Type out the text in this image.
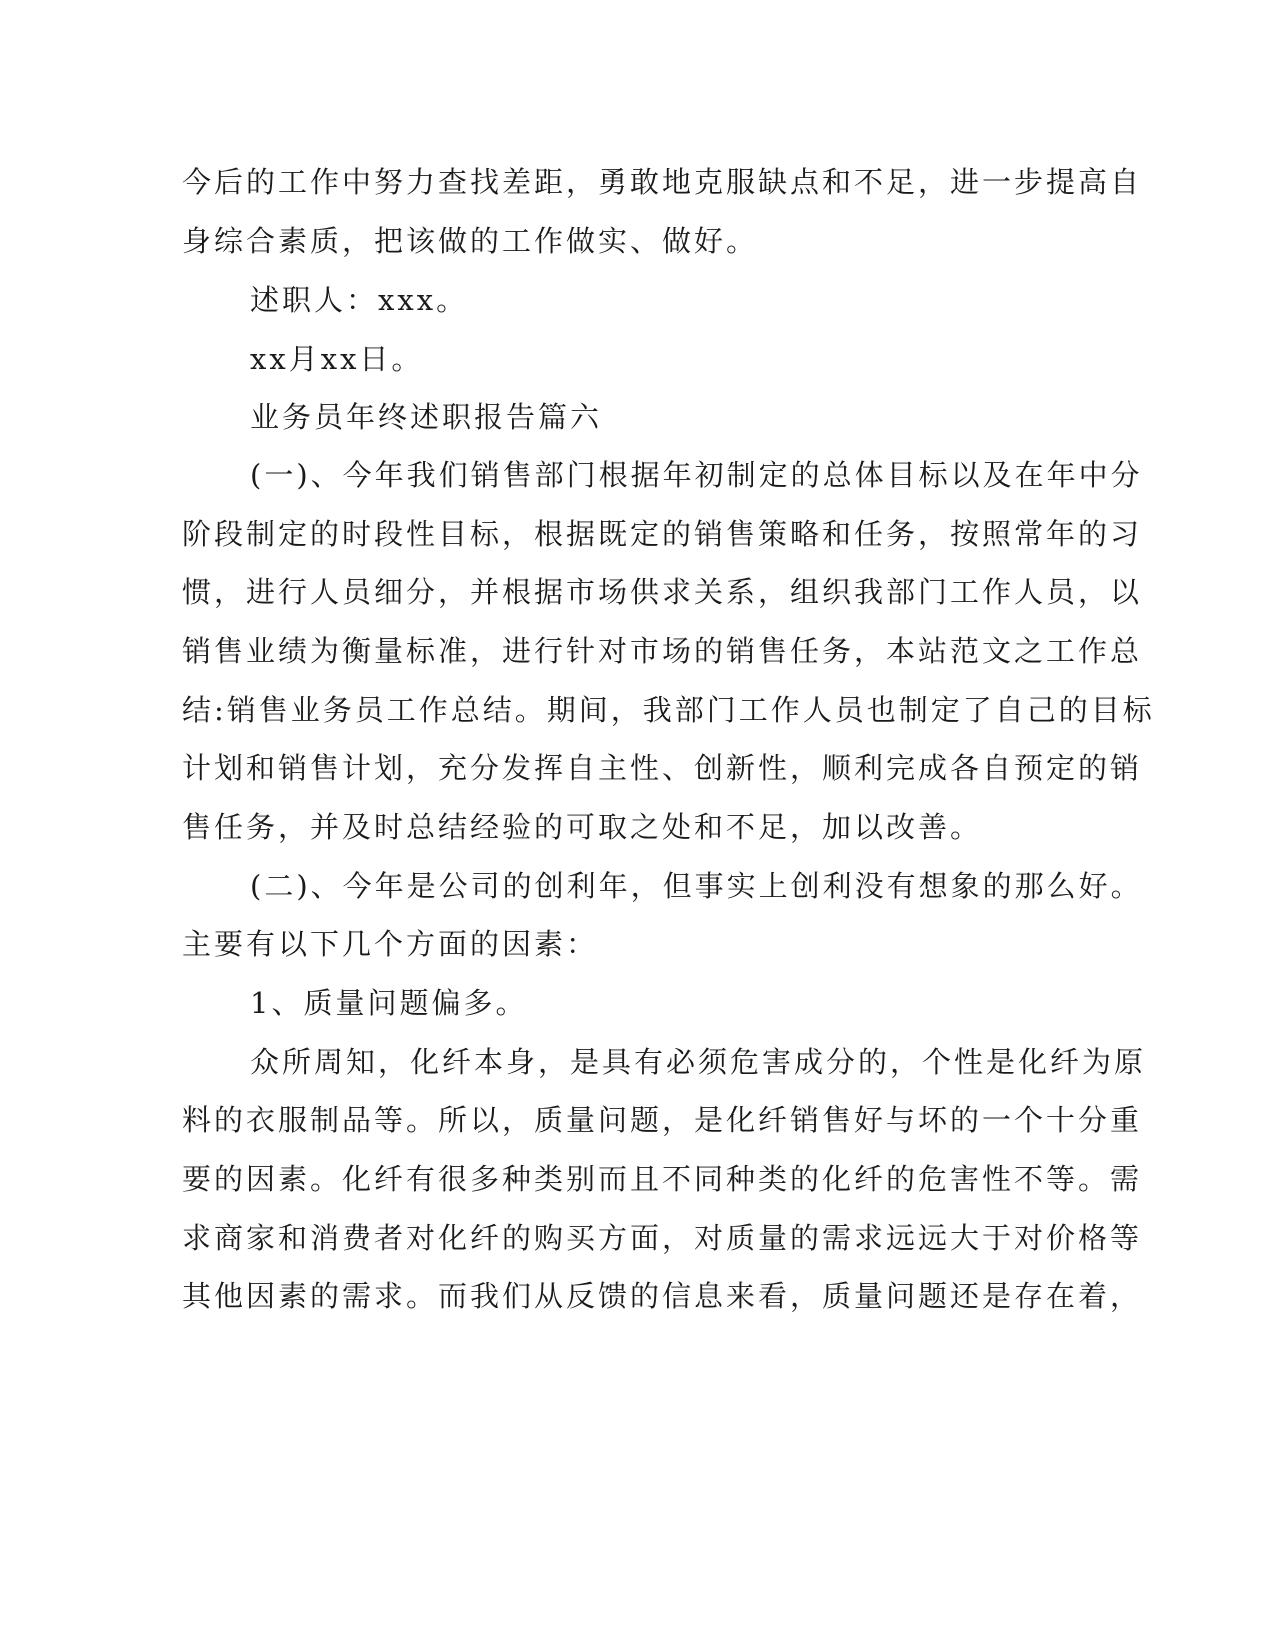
今后的工作中努力查找差距，勇敢地克服缺点和不足，进一步提高自

身综合素质，把该做的工作做实、做好。

述职人：xxx。

xx月xx日。

业务员年终述职报告篇六

(一)、今年我们销售部门根据年初制定的总体目标以及在年中分

阶段制定的时段性目标，根据既定的销售策略和任务，按照常年的习

惯，进行人员细分，并根据市场供求关系，组织我部门工作人员，以

销售业绩为衡量标准，进行针对市场的销售任务，本站范文之工作总

结:销售业务员工作总结。期间，我部门工作人员也制定了自己的目标

计划和销售计划，充分发挥自主性、创新性，顺利完成各自预定的销

售任务，并及时总结经验的可取之处和不足，加以改善。

(二)、今年是公司的创利年，但事实上创利没有想象的那么好。

主要有以下几个方面的因素：

1、质量问题偏多。

众所周知，化纤本身，是具有必须危害成分的，个性是化纤为原

料的衣服制品等。所以，质量问题，是化纤销售好与坏的一个十分重

要的因素。化纤有很多种类别而且不同种类的化纤的危害性不等。需

求商家和消费者对化纤的购买方面，对质量的需求远远大于对价格等

其他因素的需求。而我们从反馈的信息来看，质量问题还是存在着，
